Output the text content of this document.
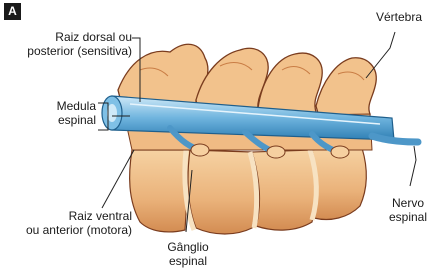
A
Raiz dorsal ou
posterior (sensitiva)
Medula
espinal
Raiz ventral
ou anterior (motora)
Gânglio
espinal
Vértebra
Nervo
espinal
